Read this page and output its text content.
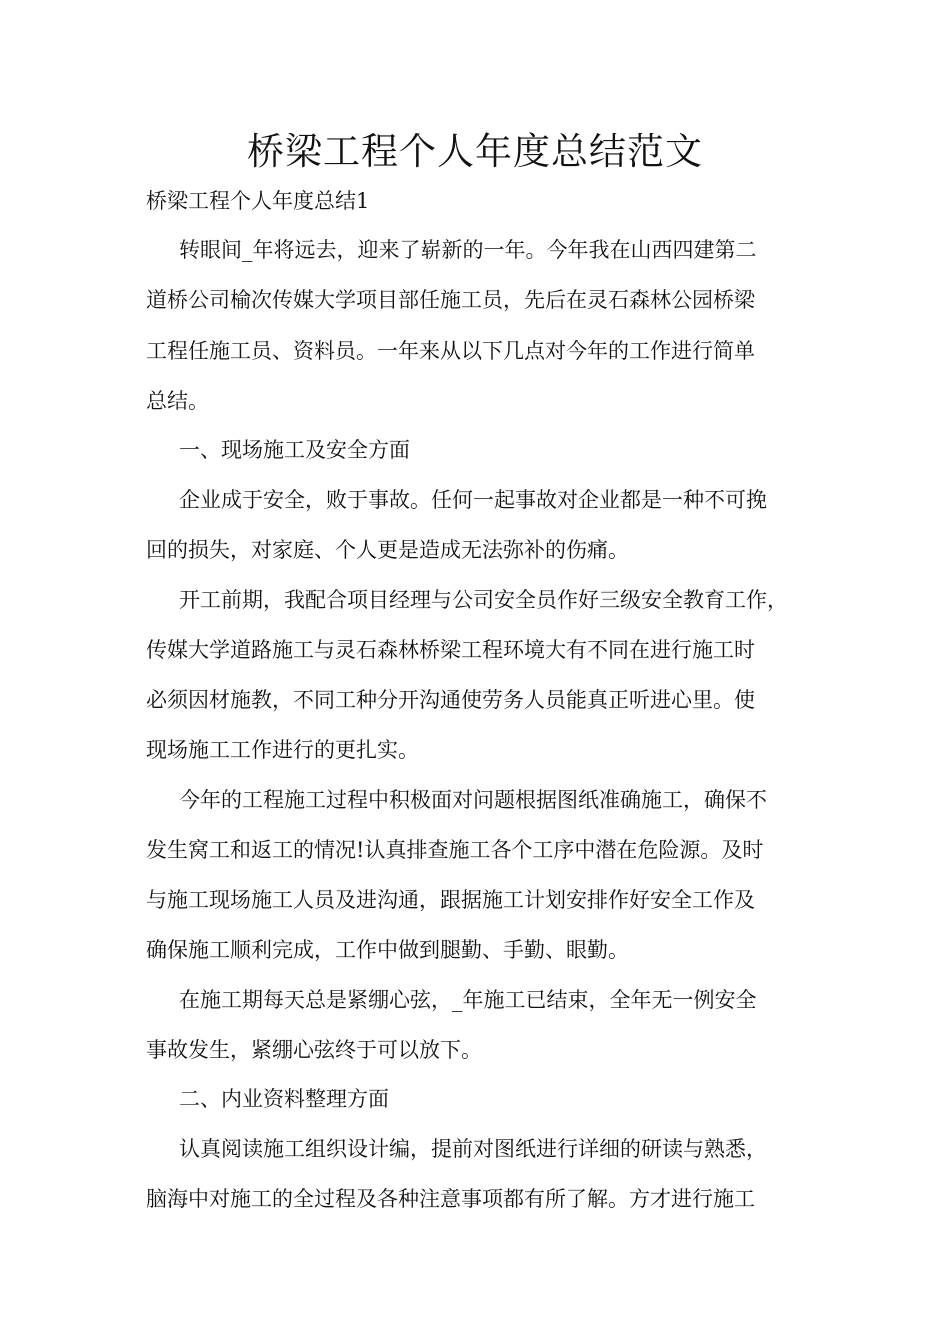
桥梁工程个人年度总结范文

桥梁工程个人年度总结1

转眼间_年将远去，迎来了崭新的一年。今年我在山西四建第二

道桥公司榆次传媒大学项目部任施工员，先后在灵石森林公园桥梁

工程任施工员、资料员。一年来从以下几点对今年的工作进行简单

总结。

一、现场施工及安全方面

企业成于安全，败于事故。任何一起事故对企业都是一种不可挽

回的损失，对家庭、个人更是造成无法弥补的伤痛。

开工前期，我配合项目经理与公司安全员作好三级安全教育工作，

传媒大学道路施工与灵石森林桥梁工程环境大有不同在进行施工时

必须因材施教，不同工种分开沟通使劳务人员能真正听进心里。使

现场施工工作进行的更扎实。

今年的工程施工过程中积极面对问题根据图纸准确施工，确保不

发生窝工和返工的情况!认真排查施工各个工序中潜在危险源。及时

与施工现场施工人员及进沟通，跟据施工计划安排作好安全工作及

确保施工顺利完成，工作中做到腿勤、手勤、眼勤。

在施工期每天总是紧绷心弦，_年施工已结束，全年无一例安全

事故发生，紧绷心弦终于可以放下。

二、内业资料整理方面

认真阅读施工组织设计编，提前对图纸进行详细的研读与熟悉，

脑海中对施工的全过程及各种注意事项都有所了解。方才进行施工
